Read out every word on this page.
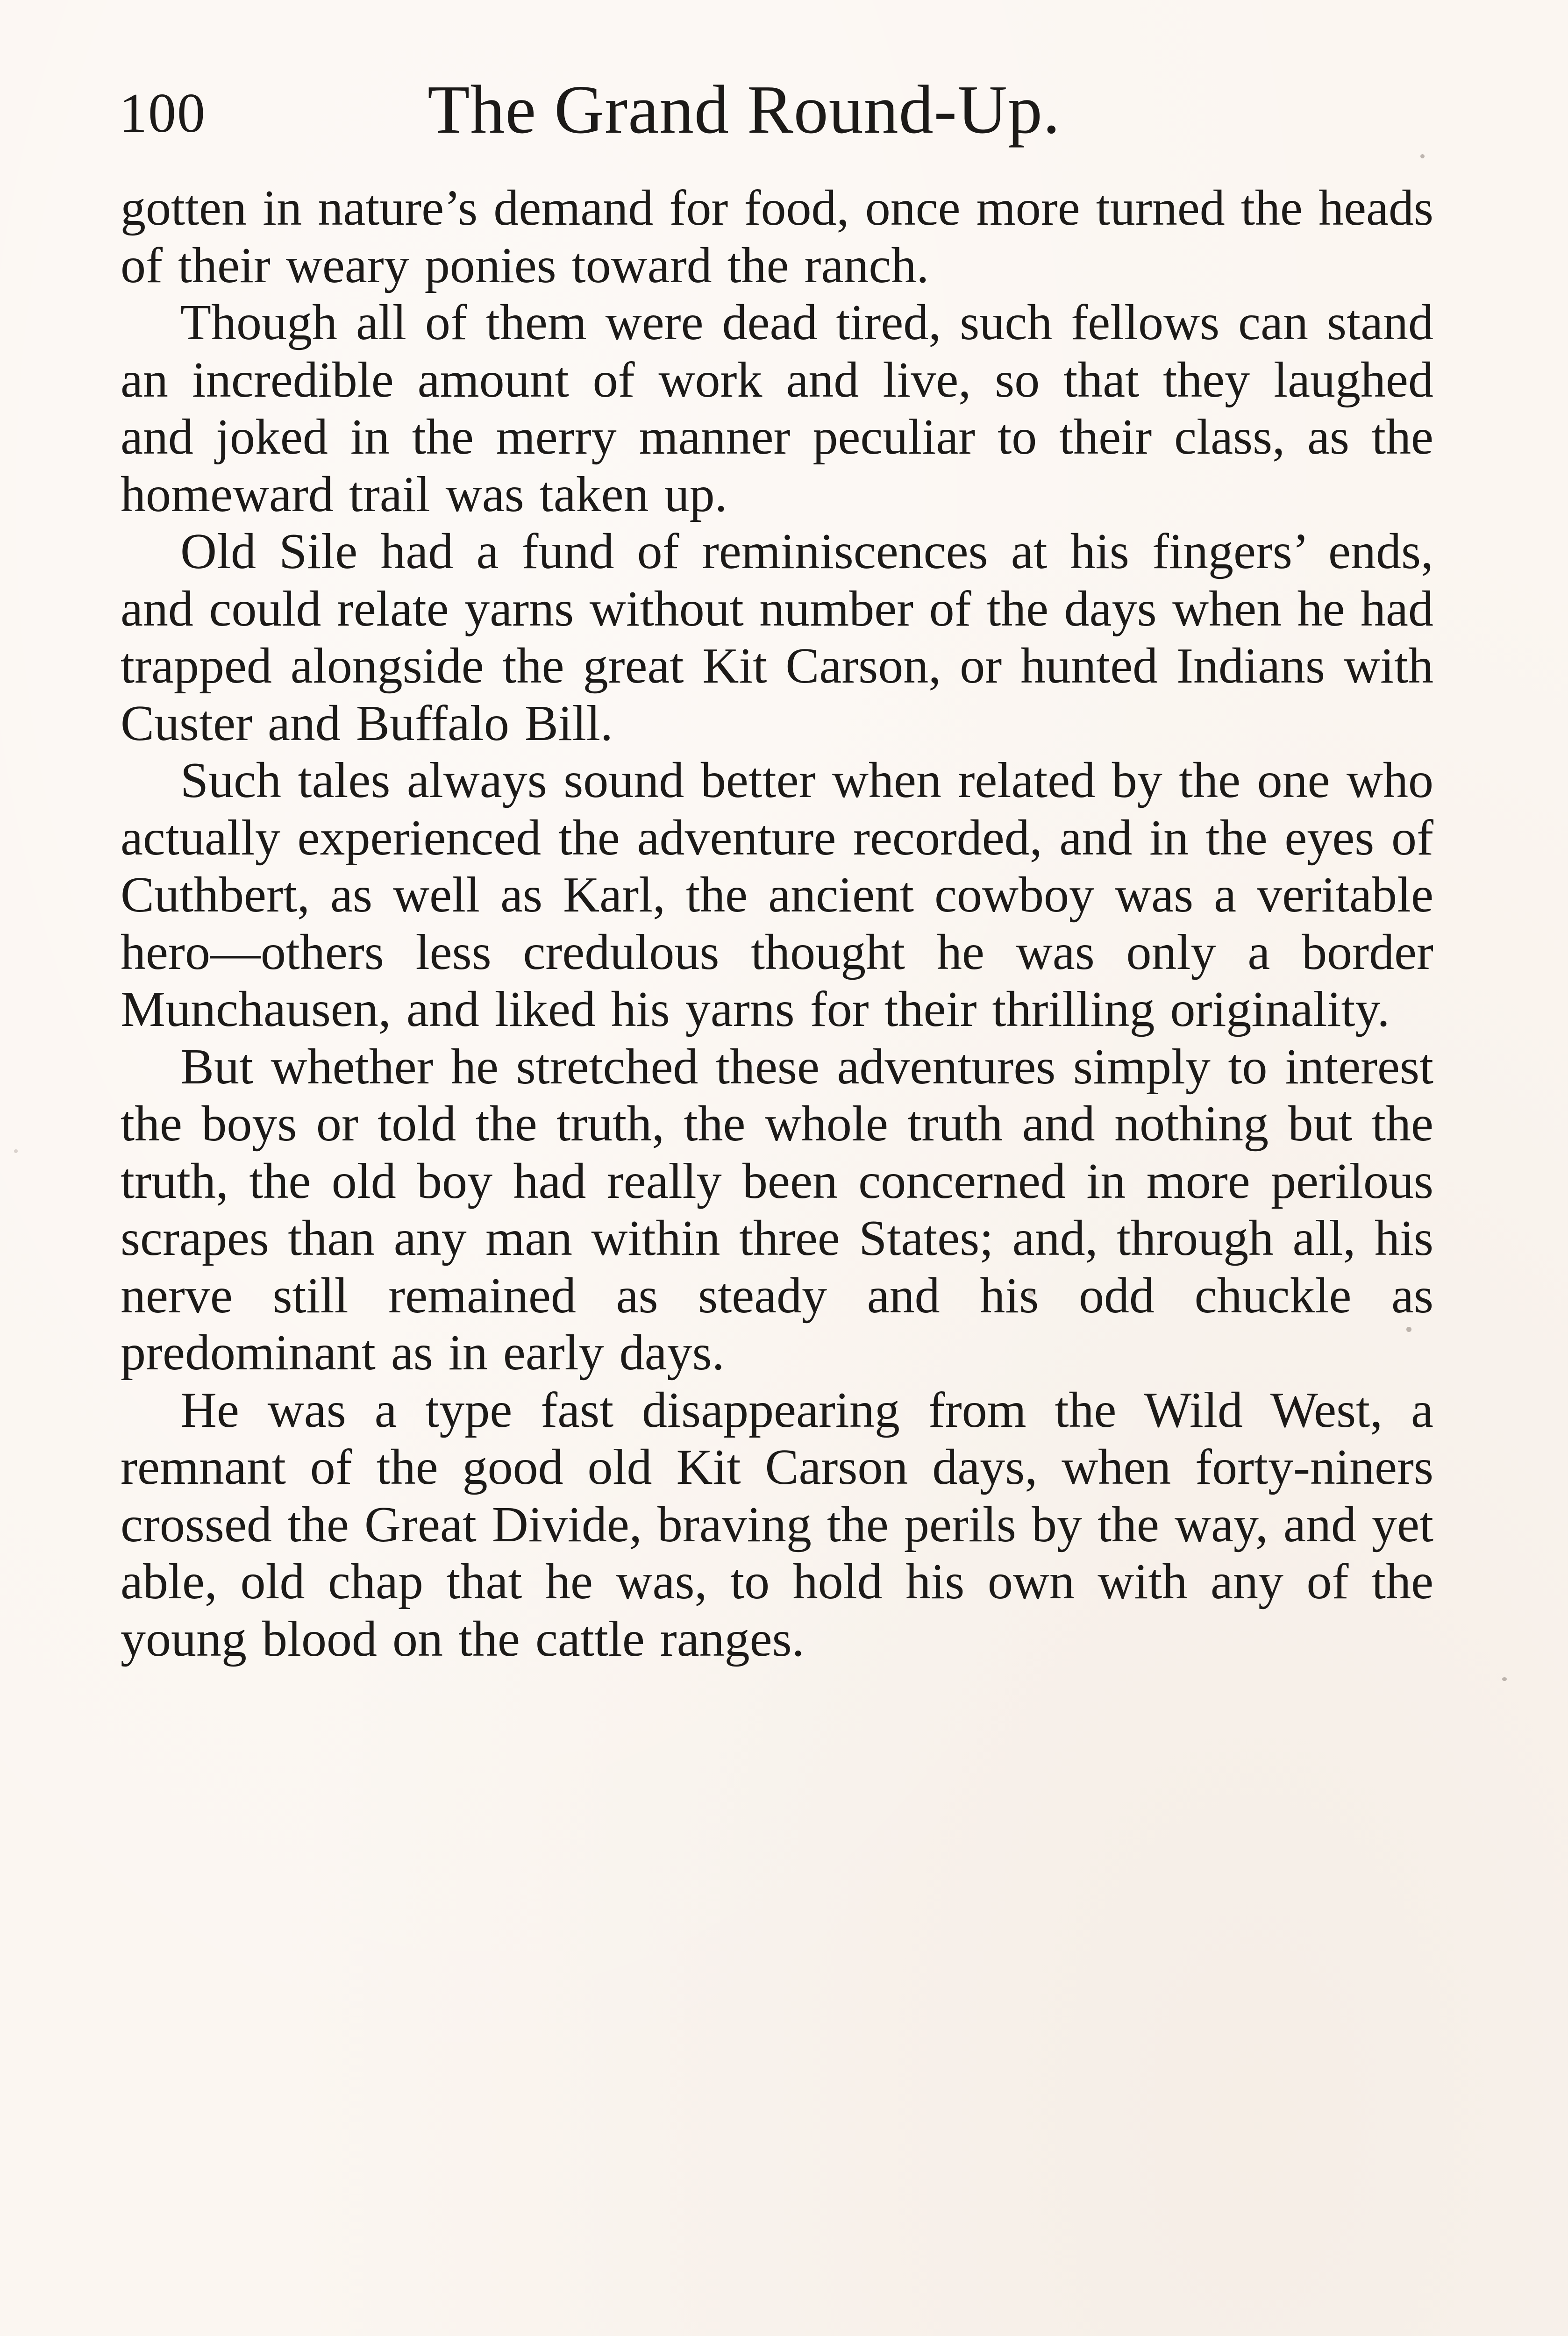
100	The Grand Round-Up.

gotten in nature’s demand for food, once more turned the heads of their weary ponies toward the ranch.

Though all of them were dead tired, such fellows can stand an incredible amount of work and live, so that they laughed and joked in the merry manner peculiar to their class, as the homeward trail was taken up.

Old Sile had a fund of reminiscences at his fingers’ ends, and could relate yarns without number of the days when he had trapped alongside the great Kit Carson, or hunted Indians with Custer and Buffalo Bill.

Such tales always sound better when related by the one who actually experienced the adventure recorded, and in the eyes of Cuthbert, as well as Karl, the ancient cowboy was a veritable hero—others less credulous thought he was only a border Munchausen, and liked his yarns for their thrilling originality.

But whether he stretched these adventures simply to interest the boys or told the truth, the whole truth and nothing but the truth, the old boy had really been concerned in more perilous scrapes than any man within three States; and, through all, his nerve still remained as steady and his odd chuckle as predominant as in early days.

He was a type fast disappearing from the Wild West, a remnant of the good old Kit Carson days, when forty-niners crossed the Great Divide, braving the perils by the way, and yet able, old chap that he was, to hold his own with any of the young blood on the cattle ranges.
